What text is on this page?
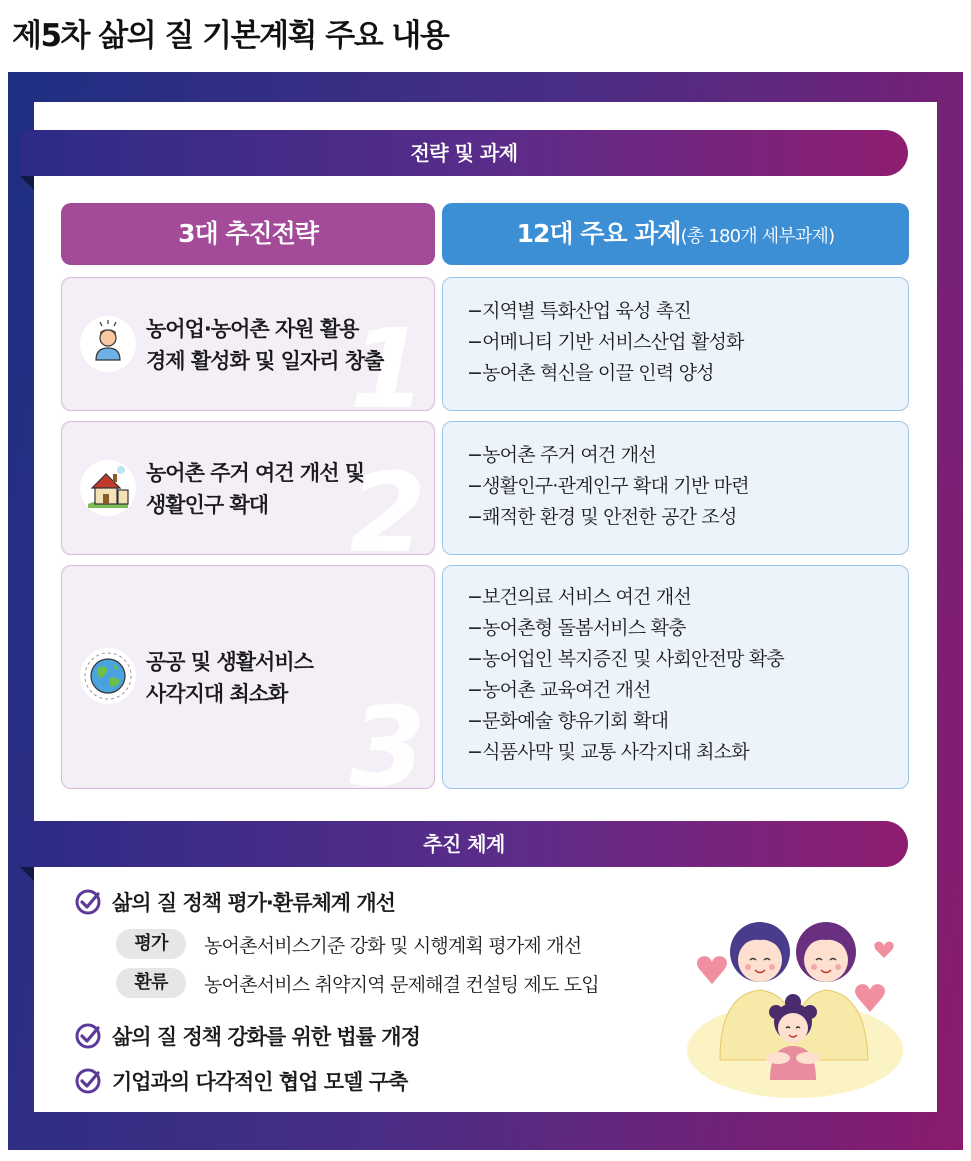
제5차 삶의 질 기본계획 주요 내용
전략 및 과제
3대 추진전략	12대 주요 과제(총 180개 세부과제)
1
농어업·농어촌 자원 활용
경제 활성화 및 일자리 창출
− 지역별 특화산업 육성 촉진
− 어메니티 기반 서비스산업 활성화
− 농어촌 혁신을 이끌 인력 양성
2
농어촌 주거 여건 개선 및
생활인구 확대
− 농어촌 주거 여건 개선
− 생활인구·관계인구 확대 기반 마련
− 쾌적한 환경 및 안전한 공간 조성
3
공공 및 생활서비스
사각지대 최소화
− 보건의료 서비스 여건 개선
− 농어촌형 돌봄서비스 확충
− 농어업인 복지증진 및 사회안전망 확충
− 농어촌 교육여건 개선
− 문화예술 향유기회 확대
− 식품사막 및 교통 사각지대 최소화
추진 체계
삶의 질 정책 평가·환류체계 개선
평가	농어촌서비스기준 강화 및 시행계획 평가제 개선
환류	농어촌서비스 취약지역 문제해결 컨설팅 제도 도입
삶의 질 정책 강화를 위한 법률 개정
기업과의 다각적인 협업 모델 구축
